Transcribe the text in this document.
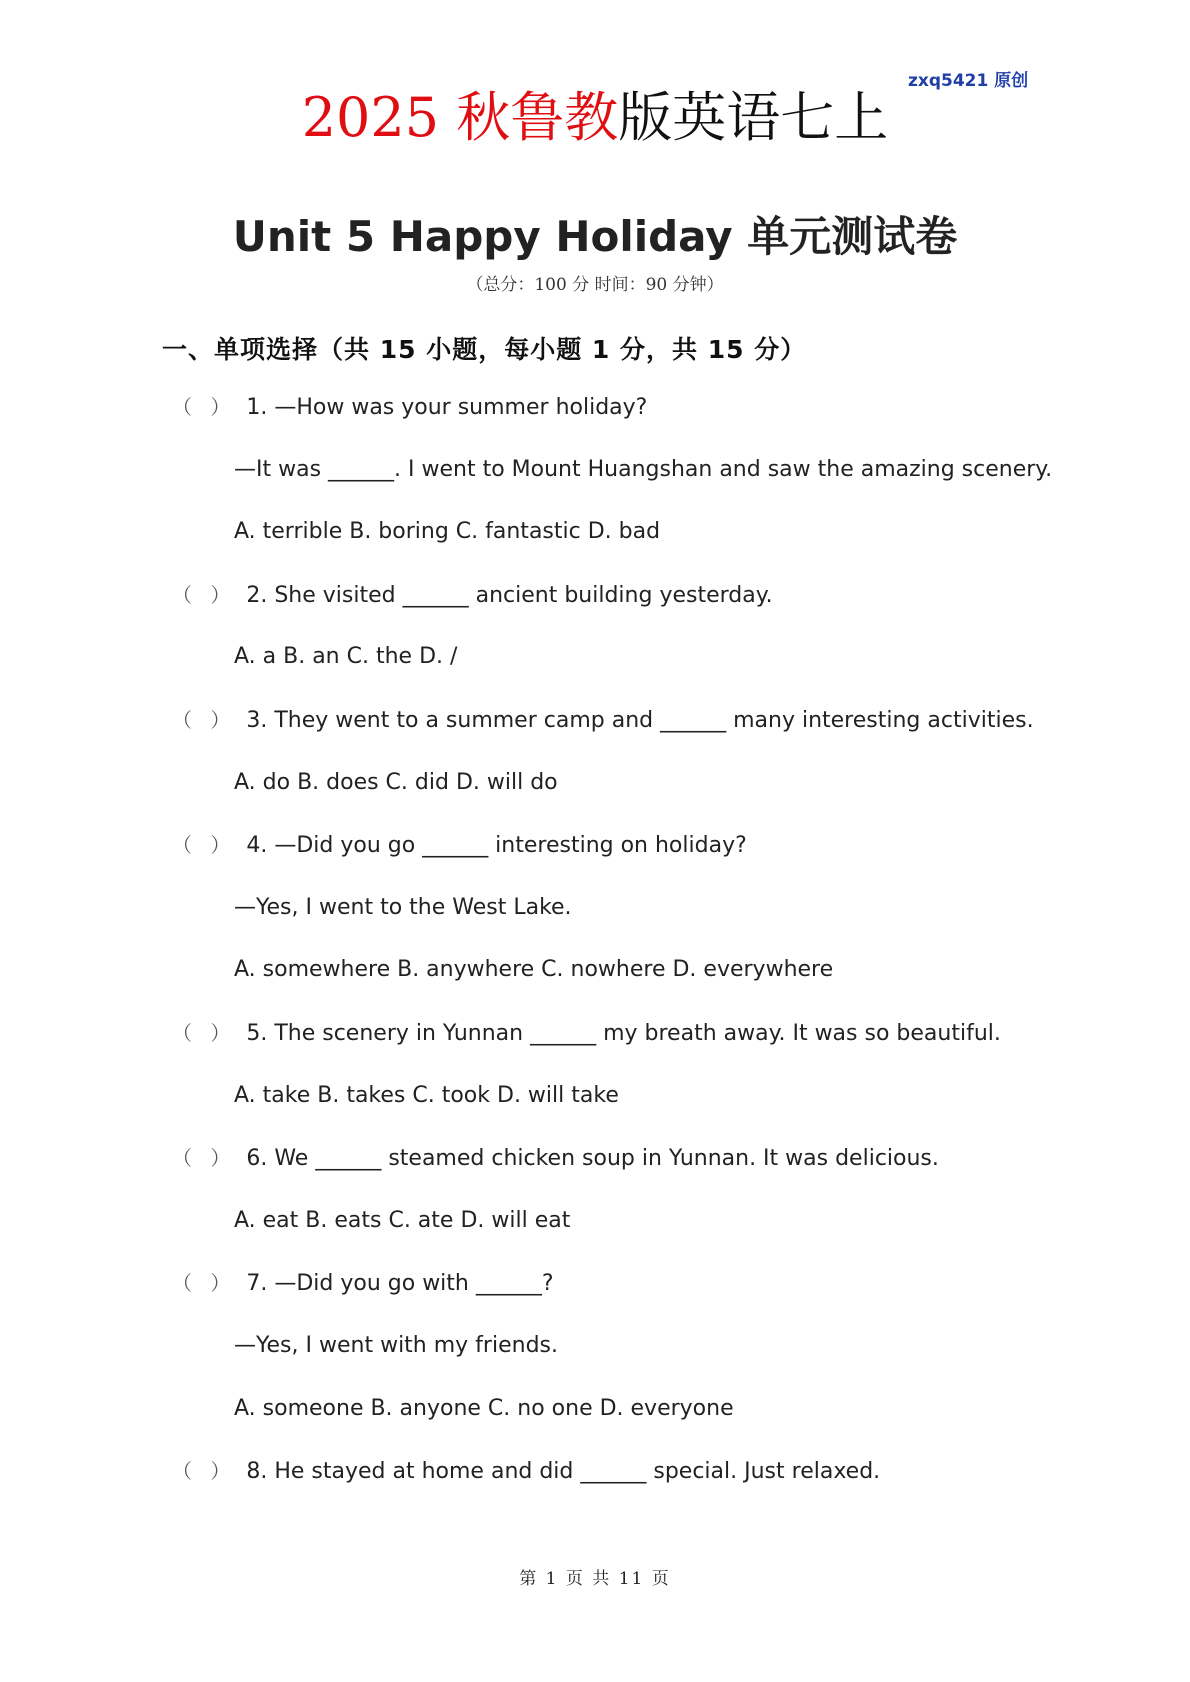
zxq5421 原创
2025 秋鲁教版英语七上
Unit 5 Happy Holiday 单元测试卷
（总分：100 分 时间：90 分钟）
一、单项选择（共 15 小题，每小题 1 分，共 15 分）
（ ） 1. —How was your summer holiday?
—It was ______. I went to Mount Huangshan and saw the amazing scenery.
A. terrible B. boring C. fantastic D. bad
（ ） 2. She visited ______ ancient building yesterday.
A. a B. an C. the D. /
（ ） 3. They went to a summer camp and ______ many interesting activities.
A. do B. does C. did D. will do
（ ） 4. —Did you go ______ interesting on holiday?
—Yes, I went to the West Lake.
A. somewhere B. anywhere C. nowhere D. everywhere
（ ） 5. The scenery in Yunnan ______ my breath away. It was so beautiful.
A. take B. takes C. took D. will take
（ ） 6. We ______ steamed chicken soup in Yunnan. It was delicious.
A. eat B. eats C. ate D. will eat
（ ） 7. —Did you go with ______?
—Yes, I went with my friends.
A. someone B. anyone C. no one D. everyone
（ ） 8. He stayed at home and did ______ special. Just relaxed.
第 1 页 共 11 页
